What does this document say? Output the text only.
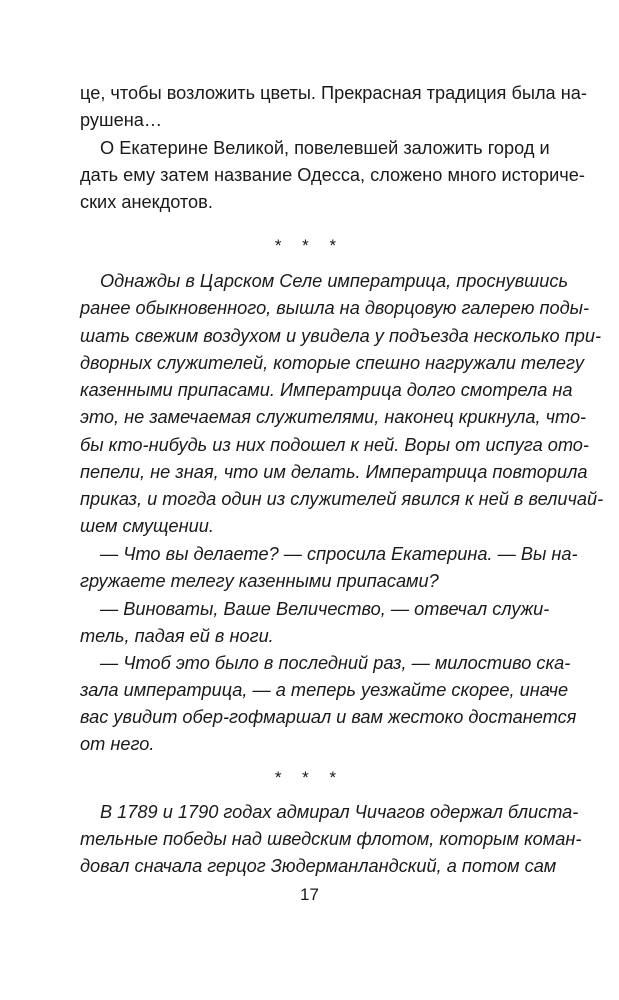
це, чтобы возложить цветы. Прекрасная традиция была на-
рушена…
О Екатерине Великой, повелевшей заложить город и
дать ему затем название Одесса, сложено много историче-
ских анекдотов.
* * *
Однажды в Царском Селе императрица, проснувшись
ранее обыкновенного, вышла на дворцовую галерею поды-
шать свежим воздухом и увидела у подъезда несколько при-
дворных служителей, которые спешно нагружали телегу
казенными припасами. Императрица долго смотрела на
это, не замечаемая служителями, наконец крикнула, что-
бы кто-нибудь из них подошел к ней. Воры от испуга ото-
пепели, не зная, что им делать. Императрица повторила
приказ, и тогда один из служителей явился к ней в величай-
шем смущении.
— Что вы делаете? — спросила Екатерина. — Вы на-
гружаете телегу казенными припасами?
— Виноваты, Ваше Величество, — отвечал служи-
тель, падая ей в ноги.
— Чтоб это было в последний раз, — милостиво ска-
зала императрица, — а теперь уезжайте скорее, иначе
вас увидит обер-гофмаршал и вам жестоко достанется
от него.
* * *
В 1789 и 1790 годах адмирал Чичагов одержал блиста-
тельные победы над шведским флотом, которым коман-
довал сначала герцог Зюдерманландский, а потом сам
17
